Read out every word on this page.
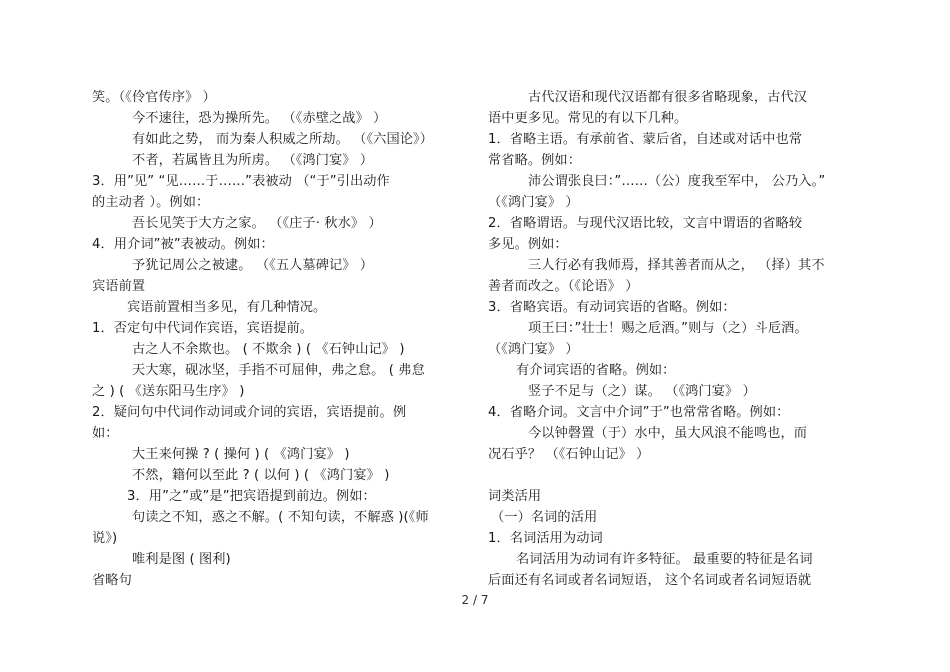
笑。（《伶官传序》 ）
今不速往，恐为操所先。 （《赤壁之战》 ）
有如此之势， 而为秦人积威之所劫。 （《六国论》）
不者，若属皆且为所虏。 （《鸿门宴》 ）
3．用”见” “见……于……”表被动 （“于”引出动作
的主动者 ）。例如：
吾长见笑于大方之家。 （《庄子· 秋水》 ）
4．用介词”被”表被动。例如：
予犹记周公之被逮。 （《五人墓碑记》 ）
宾语前置
宾语前置相当多见，有几种情况。
1．否定句中代词作宾语，宾语提前。
古之人不余欺也。 ( 不欺余 ) ( 《石钟山记》 )
天大寒，砚冰坚，手指不可屈伸，弗之怠。 ( 弗怠
之 ) ( 《送东阳马生序》 )
2．疑问句中代词作动词或介词的宾语，宾语提前。例
如：
大王来何操 ? ( 操何 ) ( 《鸿门宴》 )
不然，籍何以至此 ? ( 以何 ) ( 《鸿门宴》 )
3．用”之”或”是”把宾语提到前边。例如：
句读之不知，惑之不解。( 不知句读，不解惑 )(《师
说》)
唯利是图 ( 图利)
省略句
古代汉语和现代汉语都有很多省略现象，古代汉
语中更多见。常见的有以下几种。
1．省略主语。有承前省、蒙后省，自述或对话中也常
常省略。例如：
沛公谓张良曰：”……（公）度我至军中， 公乃入。”
（《鸿门宴》 ）
2．省略谓语。与现代汉语比较，文言中谓语的省略较
多见。例如：
三人行必有我师焉，择其善者而从之， （择）其不
善者而改之。（《论语》 ）
3．省略宾语。有动词宾语的省略。例如：
项王曰：”壮士！赐之卮酒。”则与（之）斗卮酒。
（《鸿门宴》 ）
有介词宾语的省略。例如：
竖子不足与（之）谋。 （《鸿门宴》 ）
4．省略介词。文言中介词”于”也常常省略。例如：
今以钟磬置（于）水中，虽大风浪不能鸣也，而
况石乎？ （《石钟山记》 ）
词类活用
（一）名词的活用
1．名词活用为动词
名词活用为动词有许多特征。 最重要的特征是名词
后面还有名词或者名词短语， 这个名词或者名词短语就
2 / 7
